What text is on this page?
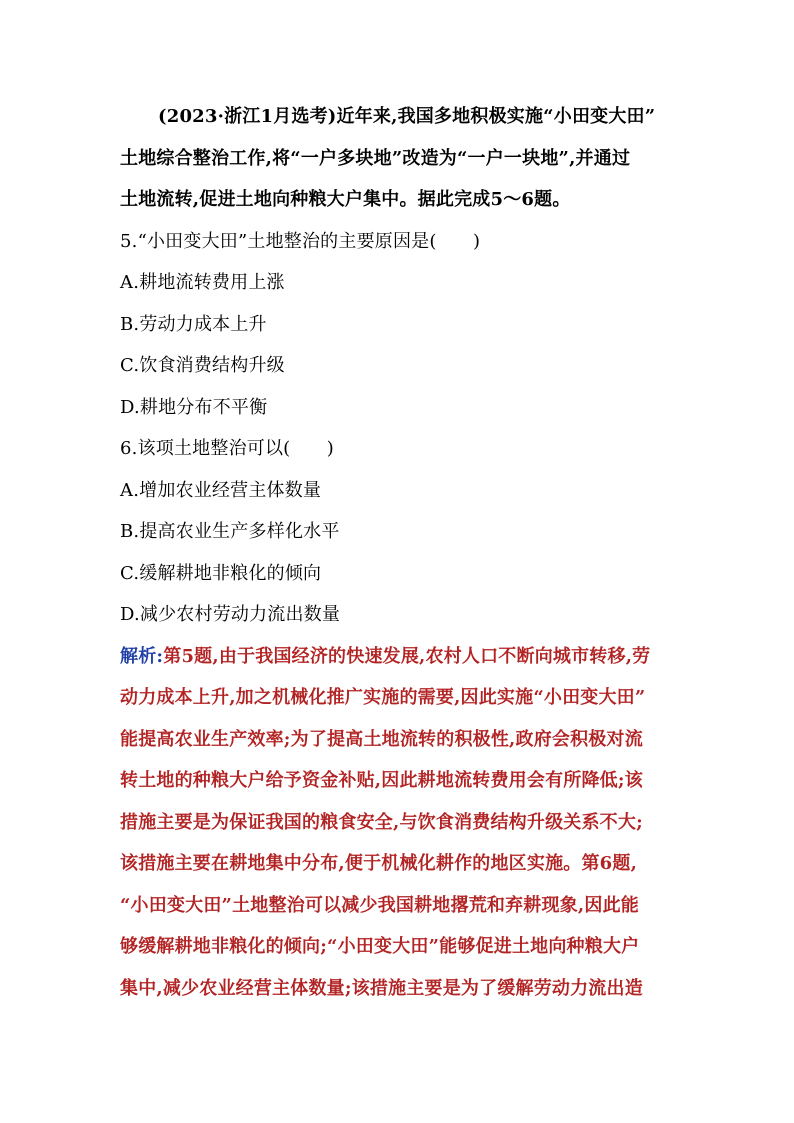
(2023·浙江1月选考)近年来,我国多地积极实施“小田变大田”
土地综合整治工作,将“一户多块地”改造为“一户一块地”,并通过
土地流转,促进土地向种粮大户集中。据此完成5～6题。
5.“小田变大田”土地整治的主要原因是(　　)
A.耕地流转费用上涨
B.劳动力成本上升
C.饮食消费结构升级
D.耕地分布不平衡
6.该项土地整治可以(　　)
A.增加农业经营主体数量
B.提高农业生产多样化水平
C.缓解耕地非粮化的倾向
D.减少农村劳动力流出数量
解析:第5题,由于我国经济的快速发展,农村人口不断向城市转移,劳
动力成本上升,加之机械化推广实施的需要,因此实施“小田变大田”
能提高农业生产效率;为了提高土地流转的积极性,政府会积极对流
转土地的种粮大户给予资金补贴,因此耕地流转费用会有所降低;该
措施主要是为保证我国的粮食安全,与饮食消费结构升级关系不大;
该措施主要在耕地集中分布,便于机械化耕作的地区实施。第6题,
“小田变大田”土地整治可以减少我国耕地撂荒和弃耕现象,因此能
够缓解耕地非粮化的倾向;“小田变大田”能够促进土地向种粮大户
集中,减少农业经营主体数量;该措施主要是为了缓解劳动力流出造
